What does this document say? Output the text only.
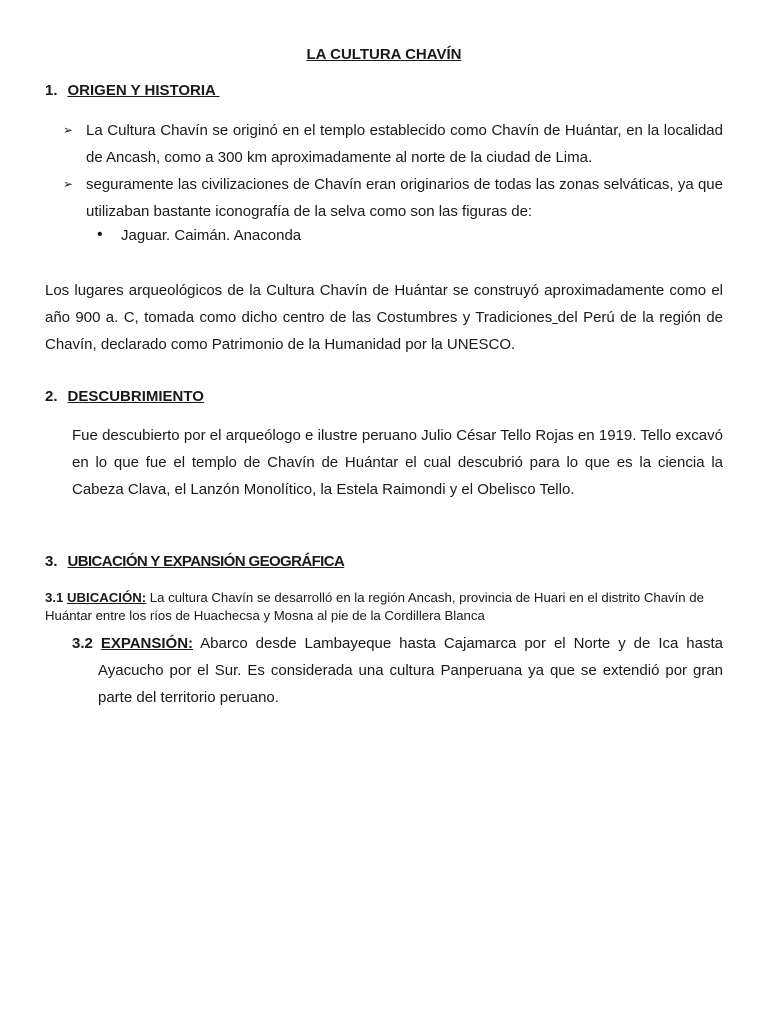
LA CULTURA CHAVÍN
1. ORIGEN Y HISTORIA
➢ La Cultura Chavín se originó en el templo establecido como Chavín de Huántar, en la localidad de Ancash, como a 300 km aproximadamente al norte de la ciudad de Lima.
➢ seguramente las civilizaciones de Chavín eran originarios de todas las zonas selváticas, ya que utilizaban bastante iconografía de la selva como son las figuras de:
•	Jaguar. Caimán. Anaconda
Los lugares arqueológicos de la Cultura Chavín de Huántar se construyó aproximadamente como el año 900 a. C, tomada como dicho centro de las Costumbres y Tradiciones del Perú de la región de Chavín, declarado como Patrimonio de la Humanidad por la UNESCO.
2. DESCUBRIMIENTO
Fue descubierto por el arqueólogo e ilustre peruano Julio César Tello Rojas en 1919. Tello excavó en lo que fue el templo de Chavín de Huántar el cual descubrió para lo que es la ciencia la Cabeza Clava, el Lanzón Monolítico, la Estela Raimondi y el Obelisco Tello.
3. UBICACIÓN Y EXPANSIÓN GEOGRÁFICA
3.1 UBICACIÓN: La cultura Chavín se desarrolló en la región Ancash, provincia de Huari en el distrito Chavín de Huántar entre los ríos de Huachecsa y Mosna al pie de la Cordillera Blanca
3.2 EXPANSIÓN: Abarco desde Lambayeque hasta Cajamarca por el Norte y de Ica hasta Ayacucho por el Sur. Es considerada una cultura Panperuana ya que se extendió por gran parte del territorio peruano.
